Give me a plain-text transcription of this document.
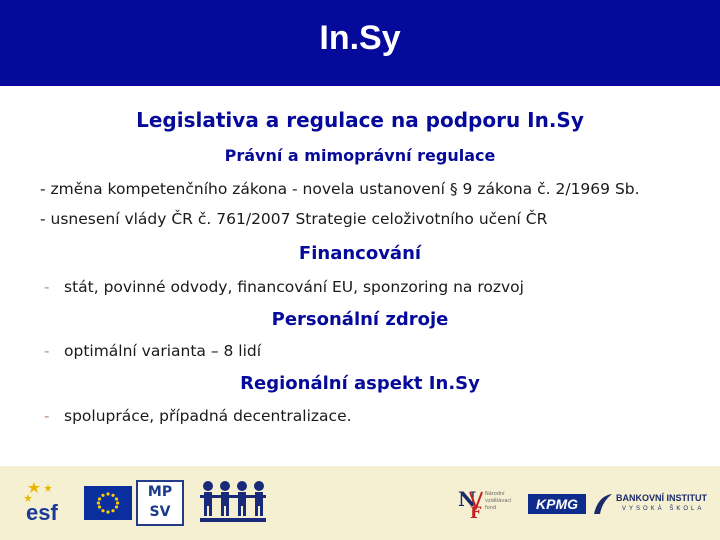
In.Sy
Legislativa a regulace na podporu In.Sy
Právní a mimoprávní regulace
- změna kompetenčního zákona - novela ustanovení § 9 zákona č. 2/1969 Sb.
- usnesení vlády ČR č. 761/2007 Strategie celoživotního učení ČR
Financování
- stát, povinné odvody, financování EU, sponzoring na rozvoj
Personální zdroje
- optimální varianta – 8 lidí
Regionální aspekt In.Sy
- spolupráce, případná decentralizace.
esf
MP
SV
N
F
Národní
vzdělávací
fond	KPMG	BANKOVNÍ INSTITUT
VYSOKÁ ŠKOLA
